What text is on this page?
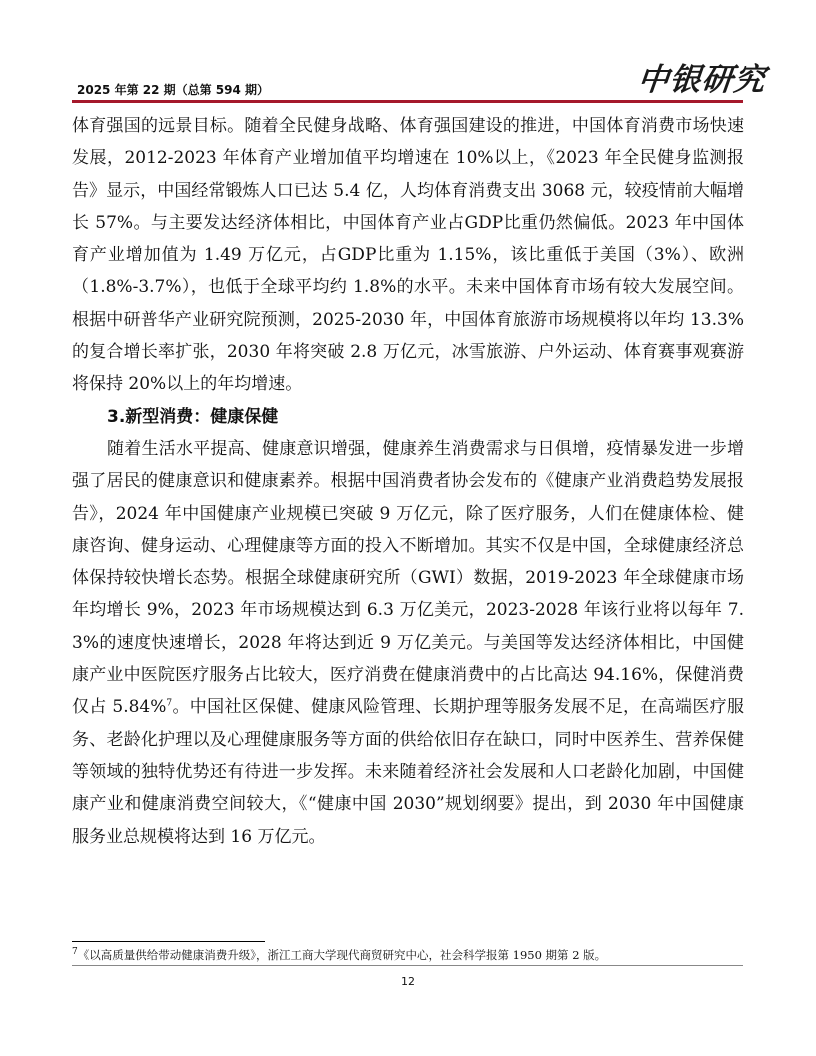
2025 年第 22 期（总第 594 期）	中银研究

体育强国的远景目标。随着全民健身战略、体育强国建设的推进，中国体育消费市场快速发展，2012-2023 年体育产业增加值平均增速在 10%以上，《2023 年全民健身监测报告》显示，中国经常锻炼人口已达 5.4 亿，人均体育消费支出 3068 元，较疫情前大幅增长 57%。与主要发达经济体相比，中国体育产业占GDP比重仍然偏低。2023 年中国体育产业增加值为 1.49 万亿元，占GDP比重为 1.15%，该比重低于美国（3%）、欧洲（1.8%-3.7%），也低于全球平均约 1.8%的水平。未来中国体育市场有较大发展空间。根据中研普华产业研究院预测，2025-2030 年，中国体育旅游市场规模将以年均 13.3%的复合增长率扩张，2030 年将突破 2.8 万亿元，冰雪旅游、户外运动、体育赛事观赛游将保持 20%以上的年均增速。

3.新型消费：健康保健

随着生活水平提高、健康意识增强，健康养生消费需求与日俱增，疫情暴发进一步增强了居民的健康意识和健康素养。根据中国消费者协会发布的《健康产业消费趋势发展报告》，2024 年中国健康产业规模已突破 9 万亿元，除了医疗服务，人们在健康体检、健康咨询、健身运动、心理健康等方面的投入不断增加。其实不仅是中国，全球健康经济总体保持较快增长态势。根据全球健康研究所（GWI）数据，2019-2023 年全球健康市场年均增长 9%，2023 年市场规模达到 6.3 万亿美元，2023-2028 年该行业将以每年 7.3%的速度快速增长，2028 年将达到近 9 万亿美元。与美国等发达经济体相比，中国健康产业中医院医疗服务占比较大，医疗消费在健康消费中的占比高达 94.16%，保健消费仅占 5.84%$^7$。中国社区保健、健康风险管理、长期护理等服务发展不足，在高端医疗服务、老龄化护理以及心理健康服务等方面的供给依旧存在缺口，同时中医养生、营养保健等领域的独特优势还有待进一步发挥。未来随着经济社会发展和人口老龄化加剧，中国健康产业和健康消费空间较大，《“健康中国 2030”规划纲要》提出，到 2030 年中国健康服务业总规模将达到 16 万亿元。

$^7$《以高质量供给带动健康消费升级》，浙江工商大学现代商贸研究中心，社会科学报第 1950 期第 2 版。
12
